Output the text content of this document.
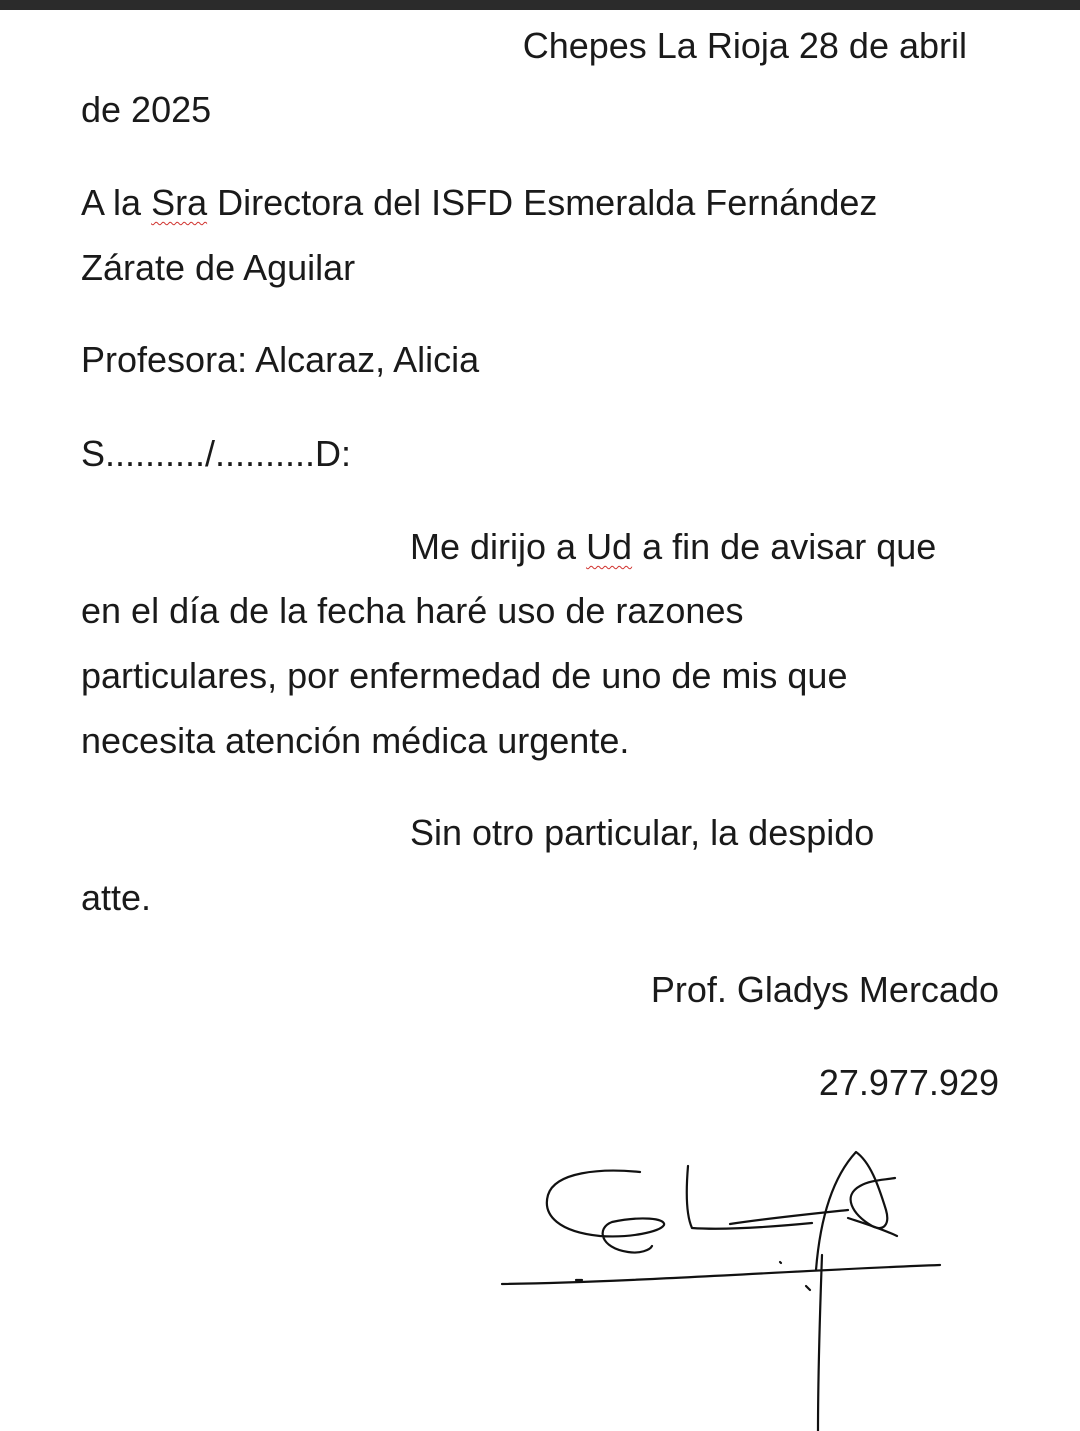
Chepes La Rioja 28 de abril
de 2025
A la Sra Directora del ISFD Esmeralda Fernández
Zárate de Aguilar
Profesora: Alcaraz, Alicia
S........../..........D:
Me dirijo a Ud a fin de avisar que
en el día de la fecha haré uso de razones
particulares, por enfermedad de uno de mis que
necesita atención médica urgente.
Sin otro particular, la despido
atte.
Prof. Gladys Mercado
27.977.929
